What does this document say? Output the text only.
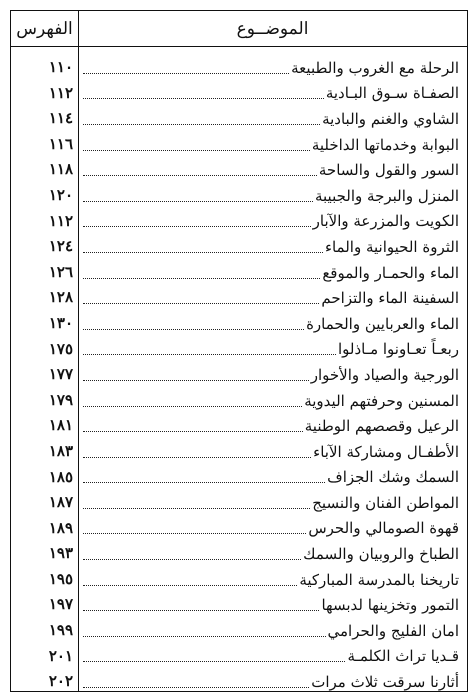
الموضــوع
الفهرس
الرحلة مع الغروب والطبيعة
١١٠
الصفـاة سـوق البـادية
١١٢
الشاوي والغنم والبادية
١١٤
البوابة وخدماتها الداخلية
١١٦
السور والقول والساحة
١١٨
المنزل والبرجة والجبيبة
١٢٠
الكويت والمزرعة والآبار
١١٢
الثروة الحيوانية والماء
١٢٤
الماء والحمـار والموقع
١٢٦
السفينة الماء والتزاحم
١٢٨
الماء والعربايين والحمارة
١٣٠
ربعـاً تعـاونوا مـاذلوا
١٧٥
الورجية والصياد والأخوار
١٧٧
المسنين وحرفتهم اليدوية
١٧٩
الرعيل وقصصهم الوطنية
١٨١
الأطفـال ومشاركة الآباء
١٨٣
السمك وشك الجزاف
١٨٥
المواطن الفنان والنسيج
١٨٧
قهوة الصومالي والحرس
١٨٩
الطباخ والروبيان والسمك
١٩٣
تاريخنا بالمدرسة المباركية
١٩٥
التمور وتخزينها لدبسها
١٩٧
امان الفليج والحرامي
١٩٩
قـديا تراث الكلمـة
٢٠١
أثارنا سرقت ثلاث مرات
٢٠٢
